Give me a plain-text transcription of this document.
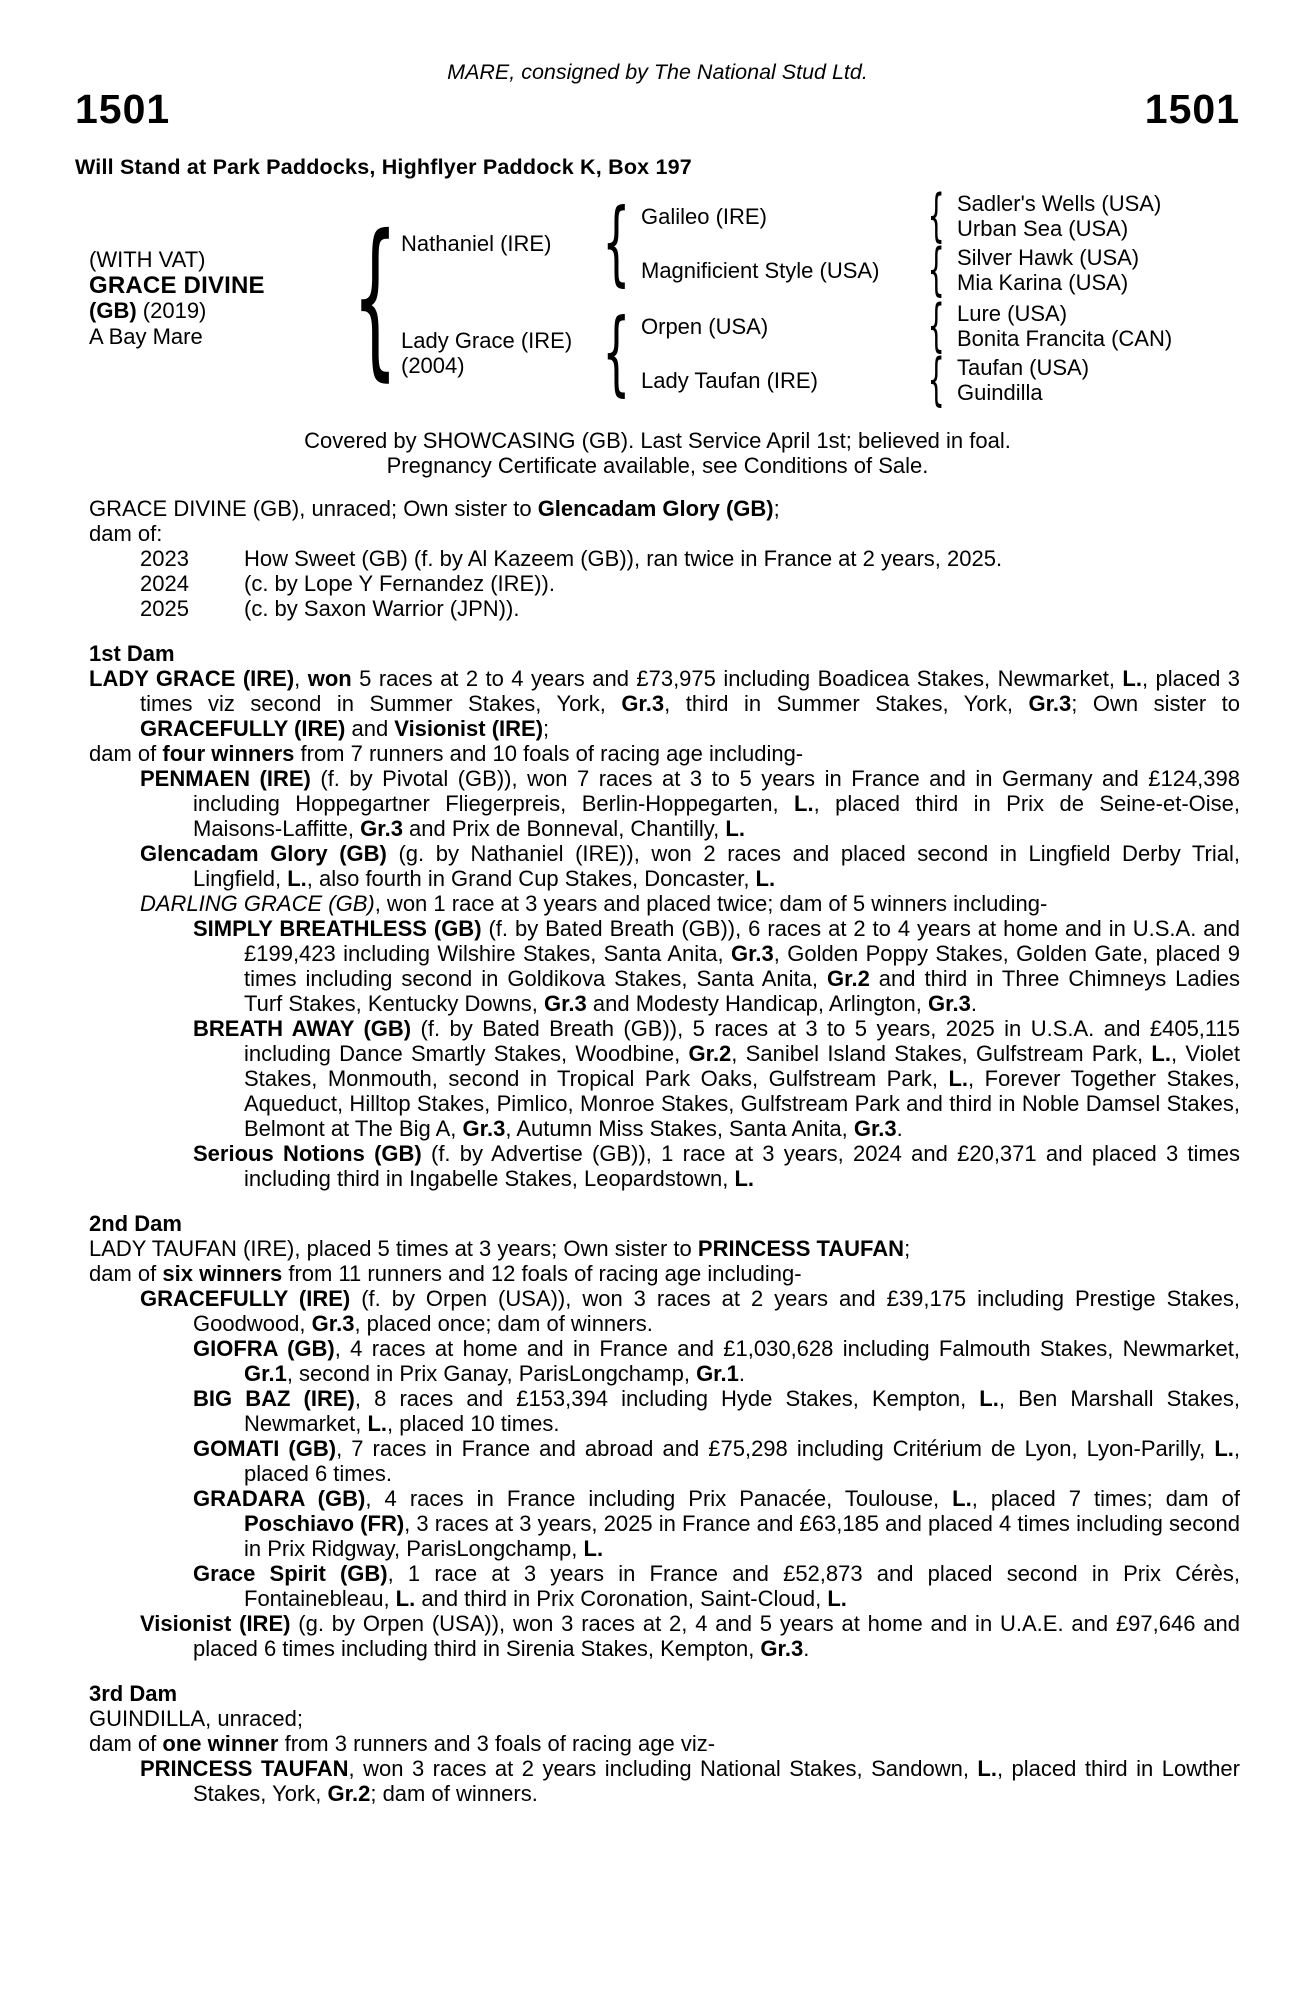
MARE, consigned by The National Stud Ltd.
1501	1501
Will Stand at Park Paddocks, Highflyer Paddock K, Box 197
(WITH VAT)
GRACE DIVINE
(GB) (2019)
A Bay Mare
{
Nathaniel (IRE)
{
Galileo (IRE) {	Sadler's Wells (USA)
Urban Sea (USA)
Magnificient Style (USA) {	Silver Hawk (USA)
Mia Karina (USA)
Lady Grace (IRE)
(2004)
{
Orpen (USA) {	Lure (USA)
Bonita Francita (CAN)
Lady Taufan (IRE) {	Taufan (USA)
Guindilla
Covered by SHOWCASING (GB). Last Service April 1st; believed in foal.
Pregnancy Certificate available, see Conditions of Sale.
GRACE DIVINE (GB), unraced; Own sister to Glencadam Glory (GB);
dam of:
2023	How Sweet (GB) (f. by Al Kazeem (GB)), ran twice in France at 2 years, 2025.
2024	(c. by Lope Y Fernandez (IRE)).
2025	(c. by Saxon Warrior (JPN)).
1st Dam
LADY GRACE (IRE), won 5 races at 2 to 4 years and £73,975 including Boadicea Stakes, Newmarket, L., placed 3 times viz second in Summer Stakes, York, Gr.3, third in Summer Stakes, York, Gr.3; Own sister to GRACEFULLY (IRE) and Visionist (IRE);
dam of four winners from 7 runners and 10 foals of racing age including-
PENMAEN (IRE) (f. by Pivotal (GB)), won 7 races at 3 to 5 years in France and in Germany and £124,398 including Hoppegartner Fliegerpreis, Berlin-Hoppegarten, L., placed third in Prix de Seine-et-Oise, Maisons-Laffitte, Gr.3 and Prix de Bonneval, Chantilly, L.
Glencadam Glory (GB) (g. by Nathaniel (IRE)), won 2 races and placed second in Lingfield Derby Trial, Lingfield, L., also fourth in Grand Cup Stakes, Doncaster, L.
DARLING GRACE (GB), won 1 race at 3 years and placed twice; dam of 5 winners including-
SIMPLY BREATHLESS (GB) (f. by Bated Breath (GB)), 6 races at 2 to 4 years at home and in U.S.A. and £199,423 including Wilshire Stakes, Santa Anita, Gr.3, Golden Poppy Stakes, Golden Gate, placed 9 times including second in Goldikova Stakes, Santa Anita, Gr.2 and third in Three Chimneys Ladies Turf Stakes, Kentucky Downs, Gr.3 and Modesty Handicap, Arlington, Gr.3.
BREATH AWAY (GB) (f. by Bated Breath (GB)), 5 races at 3 to 5 years, 2025 in U.S.A. and £405,115 including Dance Smartly Stakes, Woodbine, Gr.2, Sanibel Island Stakes, Gulfstream Park, L., Violet Stakes, Monmouth, second in Tropical Park Oaks, Gulfstream Park, L., Forever Together Stakes, Aqueduct, Hilltop Stakes, Pimlico, Monroe Stakes, Gulfstream Park and third in Noble Damsel Stakes, Belmont at The Big A, Gr.3, Autumn Miss Stakes, Santa Anita, Gr.3.
Serious Notions (GB) (f. by Advertise (GB)), 1 race at 3 years, 2024 and £20,371 and placed 3 times including third in Ingabelle Stakes, Leopardstown, L.
2nd Dam
LADY TAUFAN (IRE), placed 5 times at 3 years; Own sister to PRINCESS TAUFAN;
dam of six winners from 11 runners and 12 foals of racing age including-
GRACEFULLY (IRE) (f. by Orpen (USA)), won 3 races at 2 years and £39,175 including Prestige Stakes, Goodwood, Gr.3, placed once; dam of winners.
GIOFRA (GB), 4 races at home and in France and £1,030,628 including Falmouth Stakes, Newmarket, Gr.1, second in Prix Ganay, ParisLongchamp, Gr.1.
BIG BAZ (IRE), 8 races and £153,394 including Hyde Stakes, Kempton, L., Ben Marshall Stakes, Newmarket, L., placed 10 times.
GOMATI (GB), 7 races in France and abroad and £75,298 including Critérium de Lyon, Lyon-Parilly, L., placed 6 times.
GRADARA (GB), 4 races in France including Prix Panacée, Toulouse, L., placed 7 times; dam of Poschiavo (FR), 3 races at 3 years, 2025 in France and £63,185 and placed 4 times including second in Prix Ridgway, ParisLongchamp, L.
Grace Spirit (GB), 1 race at 3 years in France and £52,873 and placed second in Prix Cérès, Fontainebleau, L. and third in Prix Coronation, Saint-Cloud, L.
Visionist (IRE) (g. by Orpen (USA)), won 3 races at 2, 4 and 5 years at home and in U.A.E. and £97,646 and placed 6 times including third in Sirenia Stakes, Kempton, Gr.3.
3rd Dam
GUINDILLA, unraced;
dam of one winner from 3 runners and 3 foals of racing age viz-
PRINCESS TAUFAN, won 3 races at 2 years including National Stakes, Sandown, L., placed third in Lowther Stakes, York, Gr.2; dam of winners.
